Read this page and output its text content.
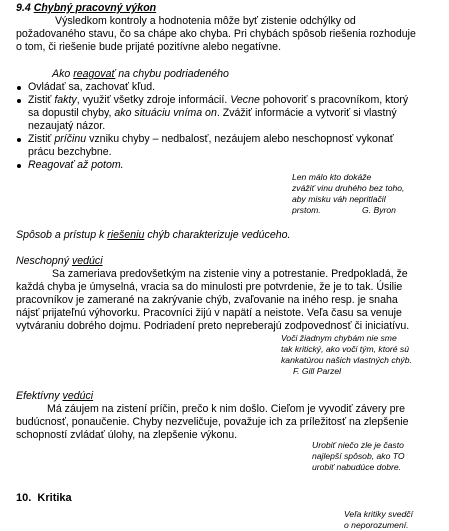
9.4 Chybný pracovný výkon
Výsledkom kontroly a hodnotenia môže byť zistenie odchýlky od
požadovaného stavu, čo sa chápe ako chyba. Pri chybách spôsob riešenia rozhoduje
o tom, či riešenie bude prijaté pozitívne alebo negatívne.
Ako reagovať na chybu podriadeného
Ovládať sa, zachovať kľud.
Zistiť fakty, využiť všetky zdroje informácií. Vecne pohovoriť s pracovníkom, ktorý
sa dopustil chyby, ako situáciu vníma on. Zvážiť informácie a vytvoriť si vlastný
nezaujatý názor.
Zistiť príčinu vzniku chyby – nedbalosť, nezáujem alebo neschopnosť vykonať
prácu bezchybne.
Reagovať až potom.
Len málo kto dokáže
zvážiť vinu druhého bez toho,
aby misku váh nepritlačil
prstom.	G. Byron
Spôsob a prístup k riešeniu chýb charakterizuje vedúceho.
Neschopný vedúci
Sa zameriava predovšetkým na zistenie viny a potrestanie. Predpokladá, že
každá chyba je úmyselná, vracia sa do minulosti pre potvrdenie, že je to tak. Úsilie
pracovníkov je zamerané na zakrývanie chýb, zvaľovanie na iného resp. je snaha
nájsť prijateľnú výhovorku. Pracovníci žijú v napätí a neistote. Veľa času sa venuje
vytváraniu dobrého dojmu. Podriadení preto nepreberajú zodpovednosť či iniciatívu.
Voči žiadnym chybám nie sme
tak kritický, ako voči tým, ktoré sú
kankatúrou našich vlastných chýb.
F. Gill Parzel
Efektívny vedúci
Má záujem na zistení príčin, prečo k nim došlo. Cieľom je vyvodiť závery pre
budúcnosť, ponaučenie. Chyby nezveličuje, považuje ich za príležitosť na zlepšenie
schopností zvládať úlohy, na zlepšenie výkonu.
Urobiť niečo zle je často
najlepší spôsob, ako TO
urobiť nabudúce dobre.
10. Kritika
Veľa kritiky svedčí
o neporozumení.
